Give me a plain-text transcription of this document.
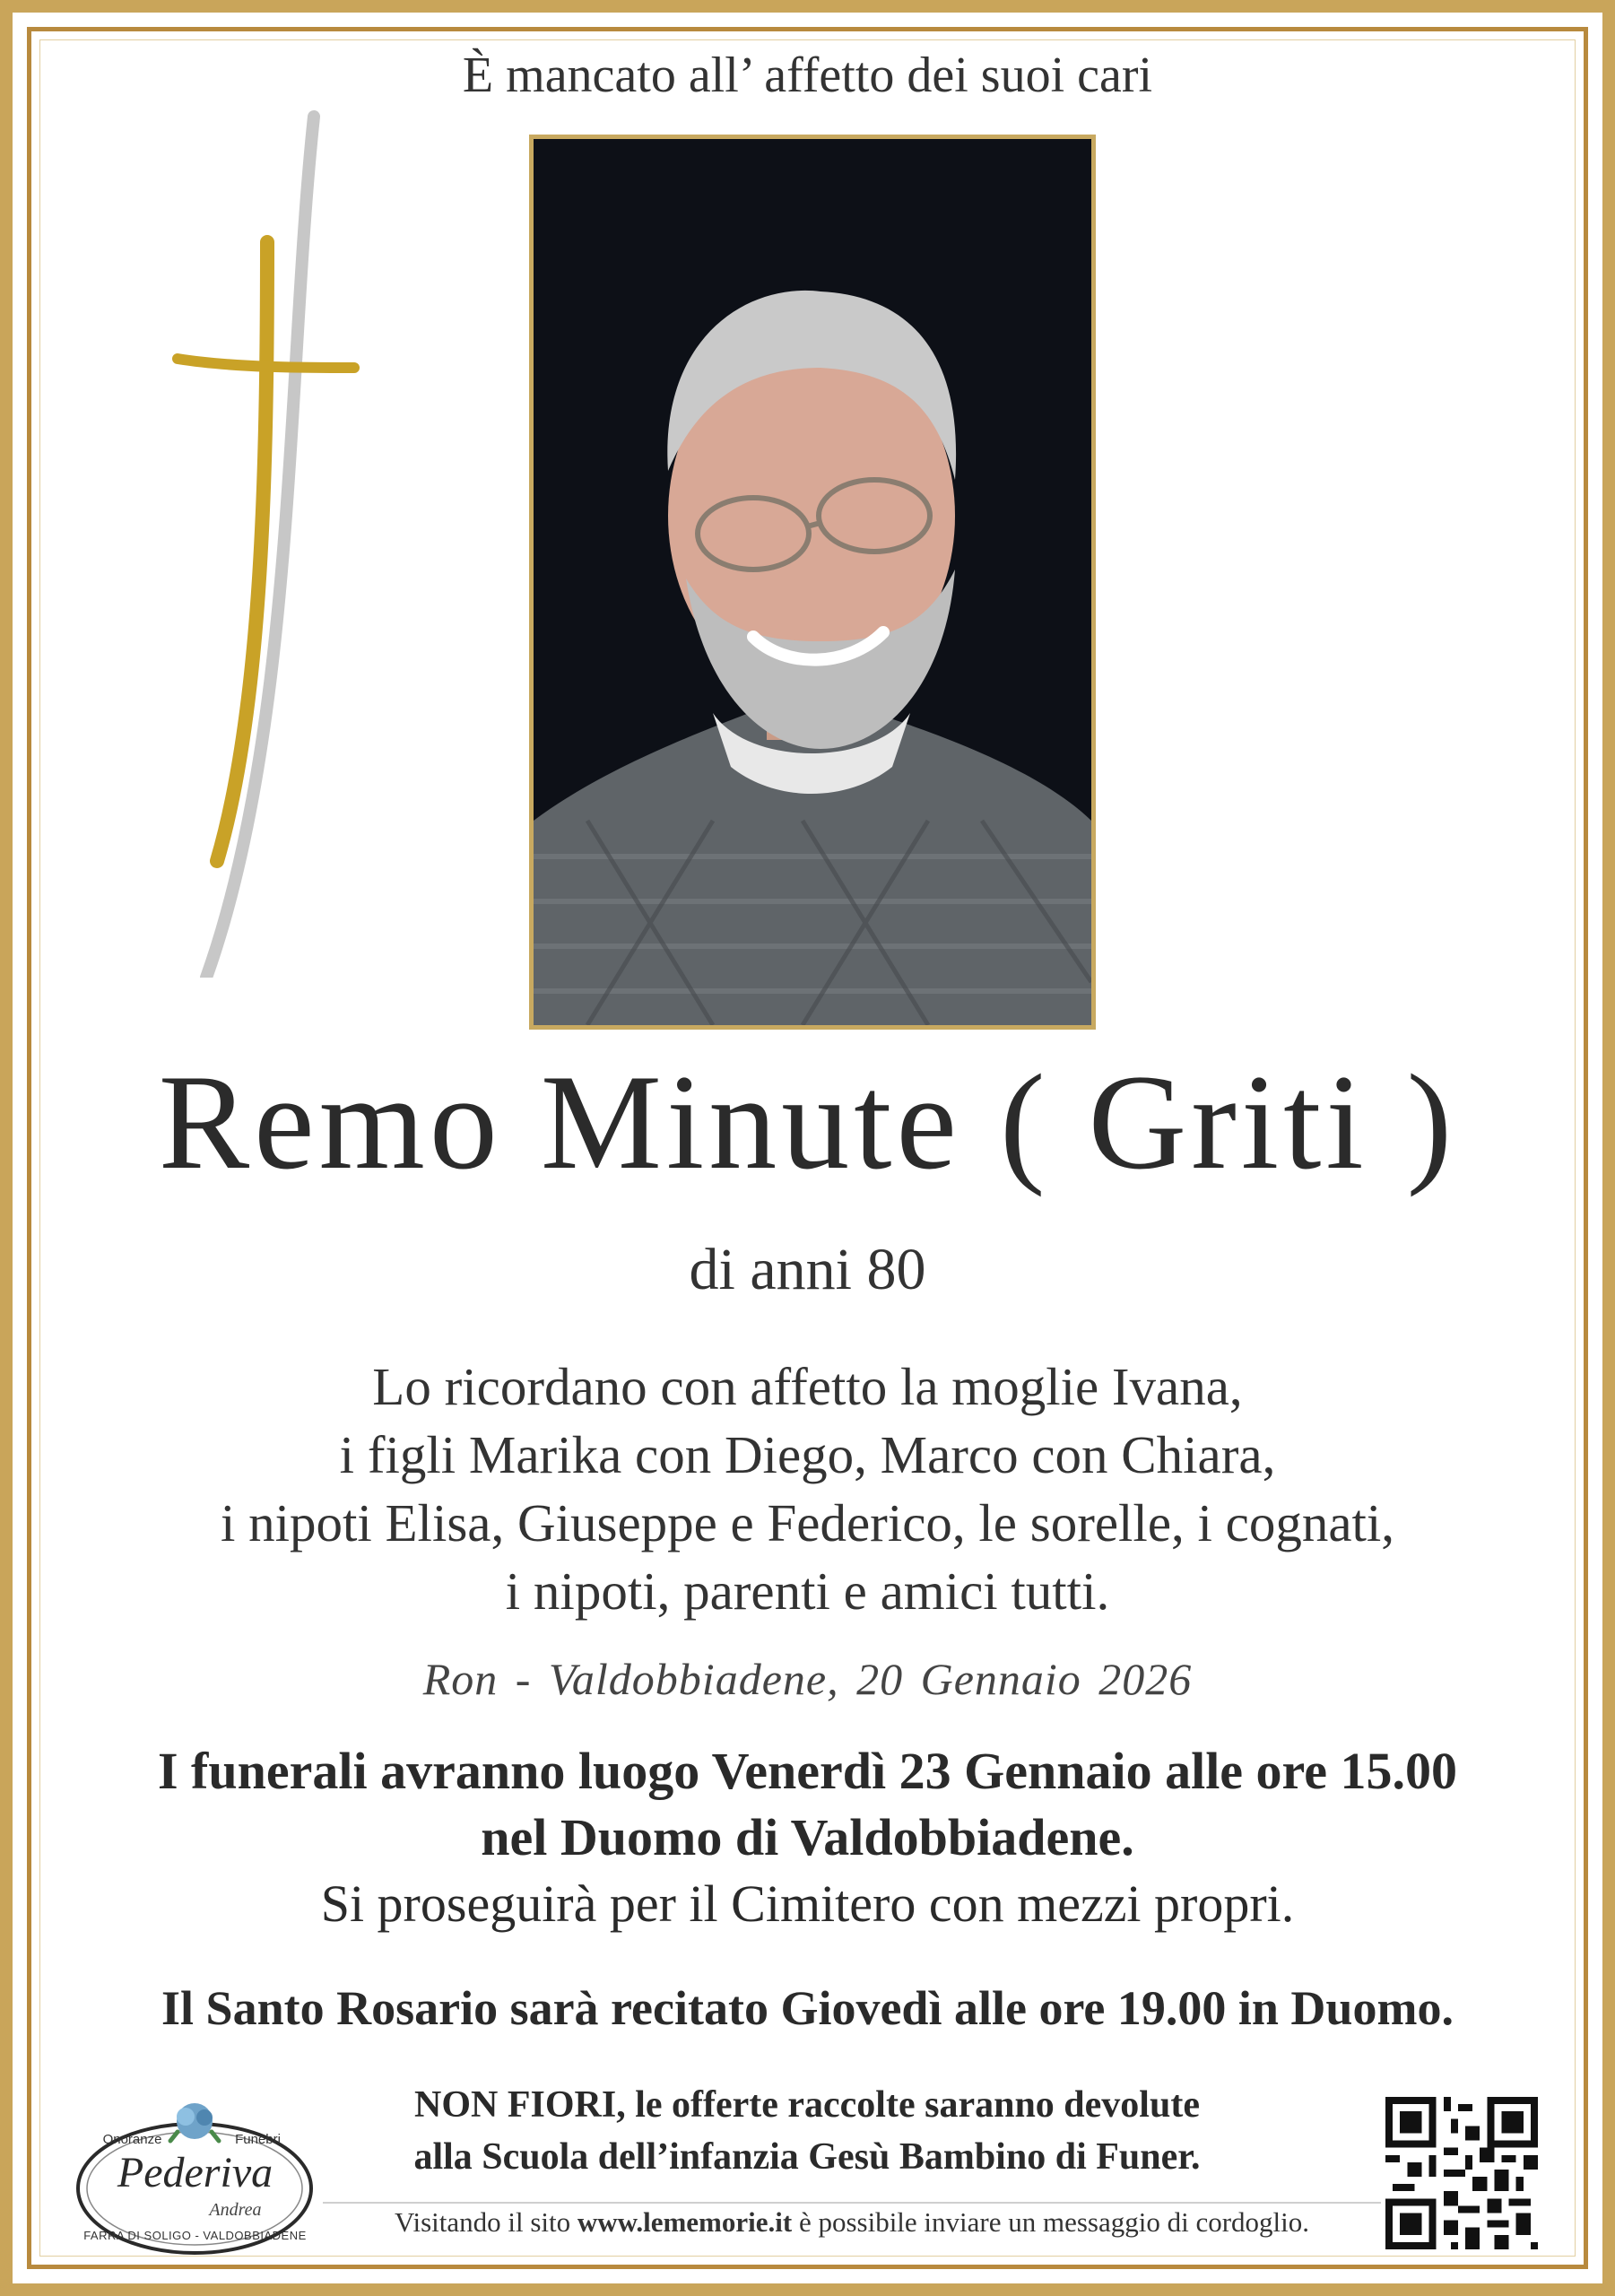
È mancato all’ affetto dei suoi cari
Remo Minute ( Griti )
di anni 80
Lo ricordano con affetto la moglie Ivana,
i figli Marika con Diego, Marco con Chiara,
i nipoti Elisa, Giuseppe e Federico, le sorelle, i cognati,
i nipoti, parenti e amici tutti.
Ron - Valdobbiadene, 20 Gennaio 2026
I funerali avranno luogo Venerdì 23 Gennaio alle ore 15.00
nel Duomo di Valdobbiadene.
Si proseguirà per il Cimitero con mezzi propri.
Il Santo Rosario sarà recitato Giovedì alle ore 19.00 in Duomo.
NON FIORI, le offerte raccolte saranno devolute
alla Scuola dell’infanzia Gesù Bambino di Funer.
Visitando il sito www.lememorie.it è possibile inviare un messaggio di cordoglio.
Onoranze	Funebri
Pederiva
Andrea
FARRA DI SOLIGO - VALDOBBIADENE
